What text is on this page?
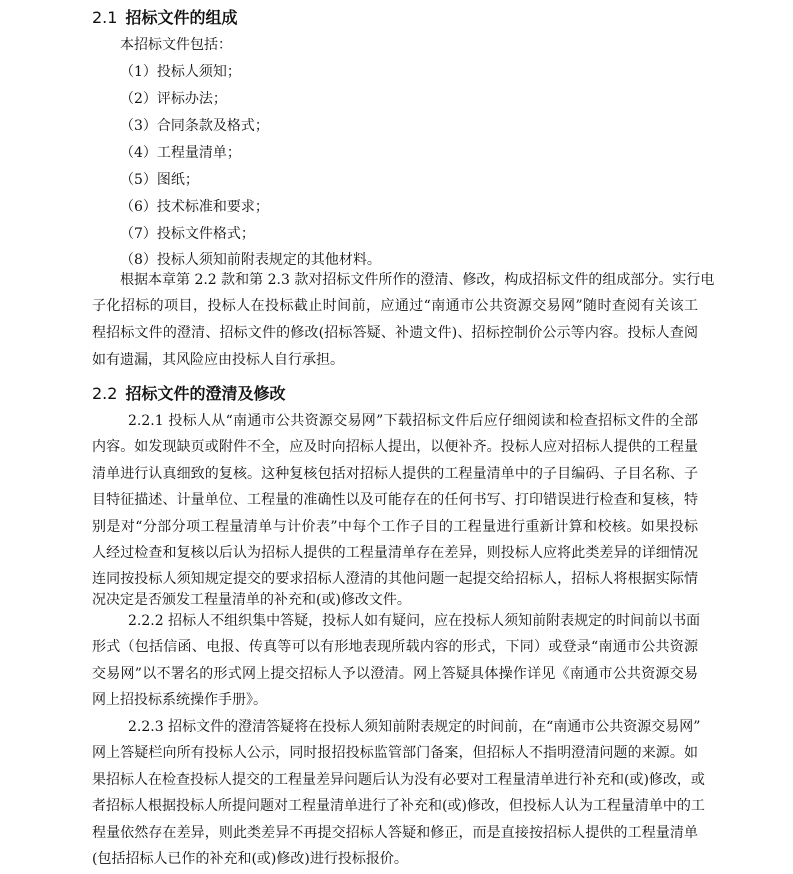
2.1 招标文件的组成
本招标文件包括：
（1）投标人须知；
（2）评标办法；
（3）合同条款及格式；
（4）工程量清单；
（5）图纸；
（6）技术标准和要求；
（7）投标文件格式；
（8）投标人须知前附表规定的其他材料。
根据本章第 2.2 款和第 2.3 款对招标文件所作的澄清、修改，构成招标文件的组成部分。实行电
子化招标的项目，投标人在投标截止时间前，应通过“南通市公共资源交易网”随时查阅有关该工
程招标文件的澄清、招标文件的修改(招标答疑、补遗文件)、招标控制价公示等内容。投标人查阅
如有遗漏，其风险应由投标人自行承担。
2.2 招标文件的澄清及修改
2.2.1 投标人从“南通市公共资源交易网”下载招标文件后应仔细阅读和检查招标文件的全部
内容。如发现缺页或附件不全，应及时向招标人提出，以便补齐。投标人应对招标人提供的工程量
清单进行认真细致的复核。这种复核包括对招标人提供的工程量清单中的子目编码、子目名称、子
目特征描述、计量单位、工程量的准确性以及可能存在的任何书写、打印错误进行检查和复核，特
别是对“分部分项工程量清单与计价表”中每个工作子目的工程量进行重新计算和校核。如果投标
人经过检查和复核以后认为招标人提供的工程量清单存在差异，则投标人应将此类差异的详细情况
连同按投标人须知规定提交的要求招标人澄清的其他问题一起提交给招标人，招标人将根据实际情
况决定是否颁发工程量清单的补充和(或)修改文件。
2.2.2 招标人不组织集中答疑，投标人如有疑问，应在投标人须知前附表规定的时间前以书面
形式（包括信函、电报、传真等可以有形地表现所载内容的形式，下同）或登录“南通市公共资源
交易网”以不署名的形式网上提交招标人予以澄清。网上答疑具体操作详见《南通市公共资源交易
网上招投标系统操作手册》。
2.2.3 招标文件的澄清答疑将在投标人须知前附表规定的时间前，在“南通市公共资源交易网”
网上答疑栏向所有投标人公示，同时报招投标监管部门备案，但招标人不指明澄清问题的来源。如
果招标人在检查投标人提交的工程量差异问题后认为没有必要对工程量清单进行补充和(或)修改，或
者招标人根据投标人所提问题对工程量清单进行了补充和(或)修改，但投标人认为工程量清单中的工
程量依然存在差异，则此类差异不再提交招标人答疑和修正，而是直接按招标人提供的工程量清单
(包括招标人已作的补充和(或)修改)进行投标报价。
